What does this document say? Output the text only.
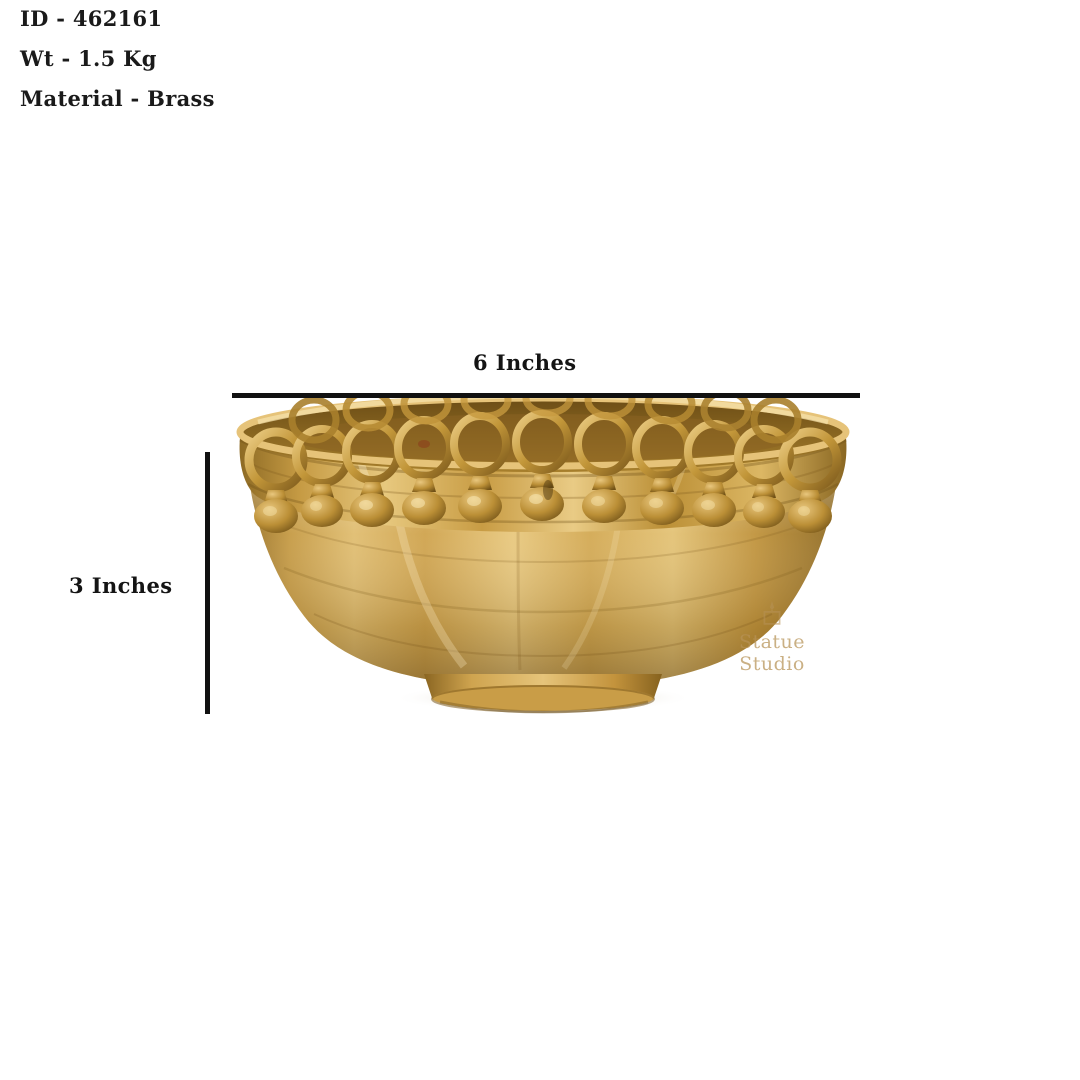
ID - 462161
Wt - 1.5 Kg
Material - Brass
6 Inches
3 Inches
Statue
Studio
